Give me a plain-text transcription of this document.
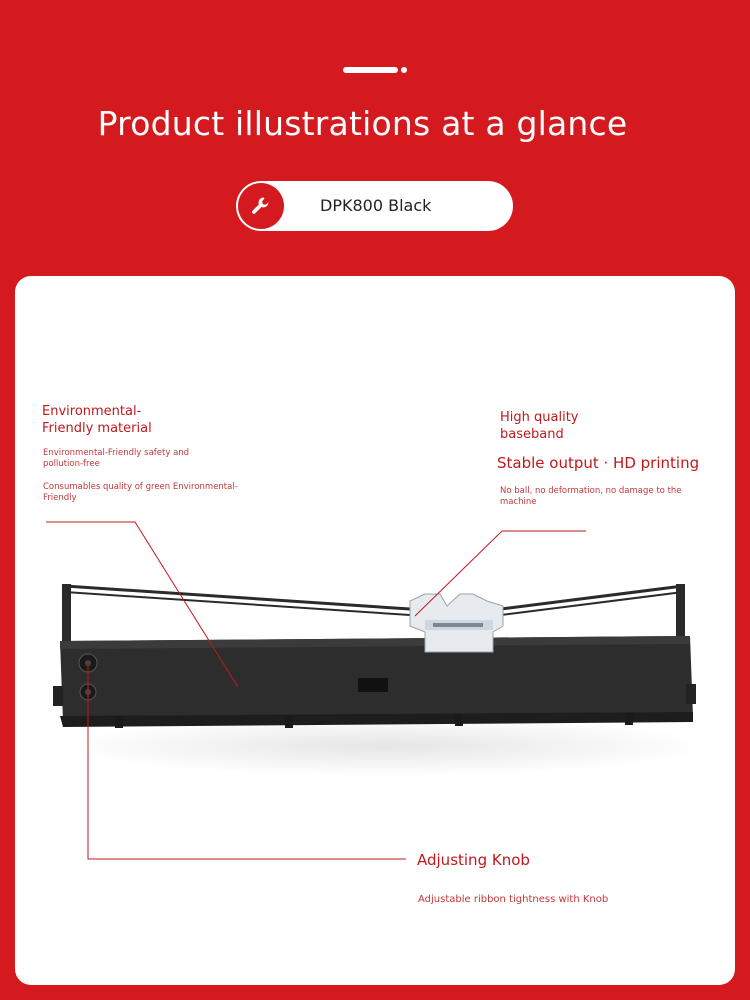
Product illustrations at a glance
DPK800 Black
Environmental-
Friendly material
Environmental-Friendly safety and
pollution-free
Consumables quality of green Environmental-
Friendly
High quality
baseband
Stable output · HD printing
No ball, no deformation, no damage to the
machine
Adjusting Knob
Adjustable ribbon tightness with Knob
